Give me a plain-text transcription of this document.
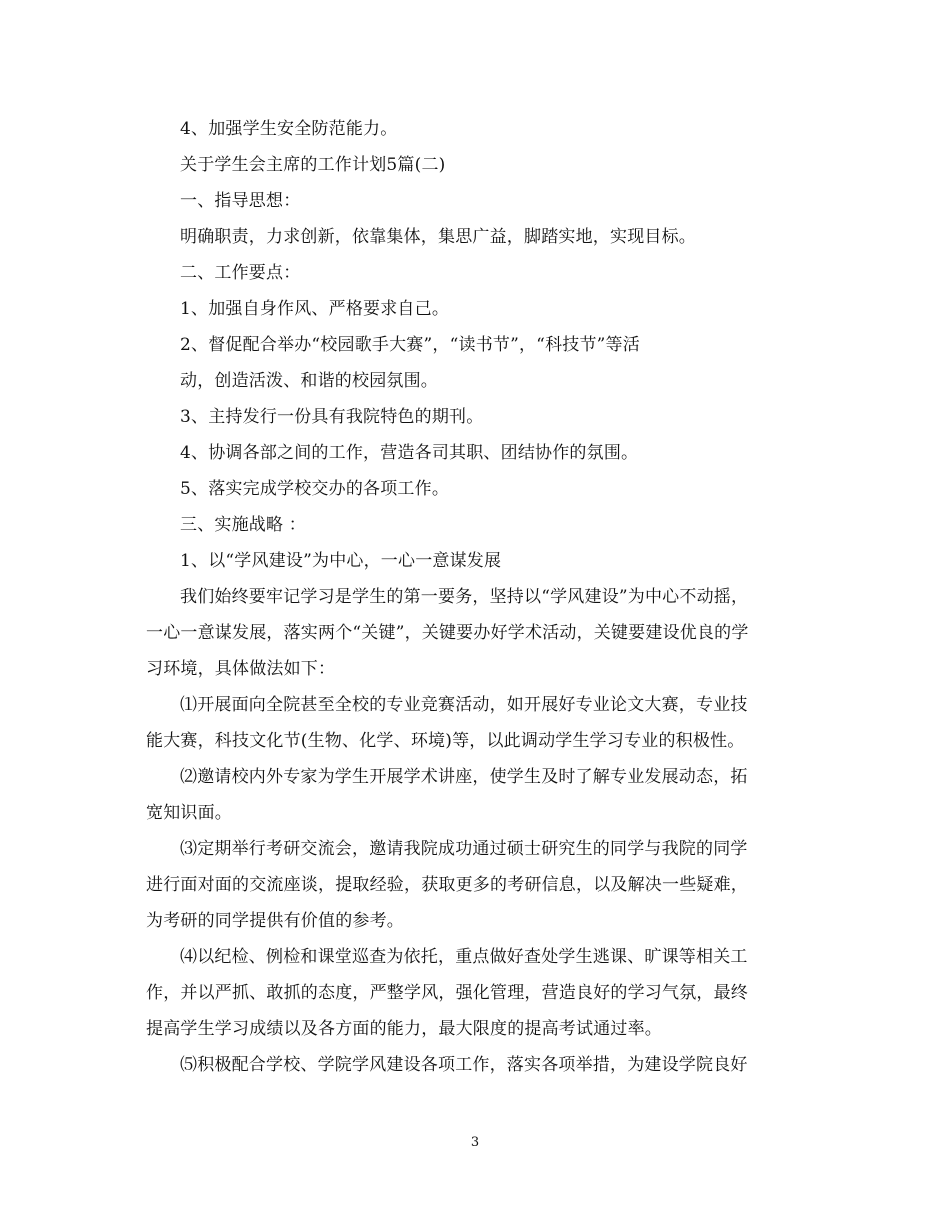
4、加强学生安全防范能力。
关于学生会主席的工作计划5篇(二)
一、指导思想：
明确职责，力求创新，依靠集体，集思广益，脚踏实地，实现目标。
二、工作要点：
1、加强自身作风、严格要求自己。
2、督促配合举办“校园歌手大赛”，“读书节”，“科技节”等活
动，创造活泼、和谐的校园氛围。
3、主持发行一份具有我院特色的期刊。
4、协调各部之间的工作，营造各司其职、团结协作的氛围。
5、落实完成学校交办的各项工作。
三、实施战略 ：
1、以“学风建设”为中心，一心一意谋发展
我们始终要牢记学习是学生的第一要务，坚持以“学风建设”为中心不动摇，
一心一意谋发展，落实两个“关键”，关键要办好学术活动，关键要建设优良的学
习环境，具体做法如下：
⑴开展面向全院甚至全校的专业竞赛活动，如开展好专业论文大赛，专业技
能大赛，科技文化节(生物、化学、环境)等，以此调动学生学习专业的积极性。
⑵邀请校内外专家为学生开展学术讲座，使学生及时了解专业发展动态，拓
宽知识面。
⑶定期举行考研交流会，邀请我院成功通过硕士研究生的同学与我院的同学
进行面对面的交流座谈，提取经验，获取更多的考研信息，以及解决一些疑难，
为考研的同学提供有价值的参考。
⑷以纪检、例检和课堂巡查为依托，重点做好查处学生逃课、旷课等相关工
作，并以严抓、敢抓的态度，严整学风，强化管理，营造良好的学习气氛，最终
提高学生学习成绩以及各方面的能力，最大限度的提高考试通过率。
⑸积极配合学校、学院学风建设各项工作，落实各项举措，为建设学院良好
3
